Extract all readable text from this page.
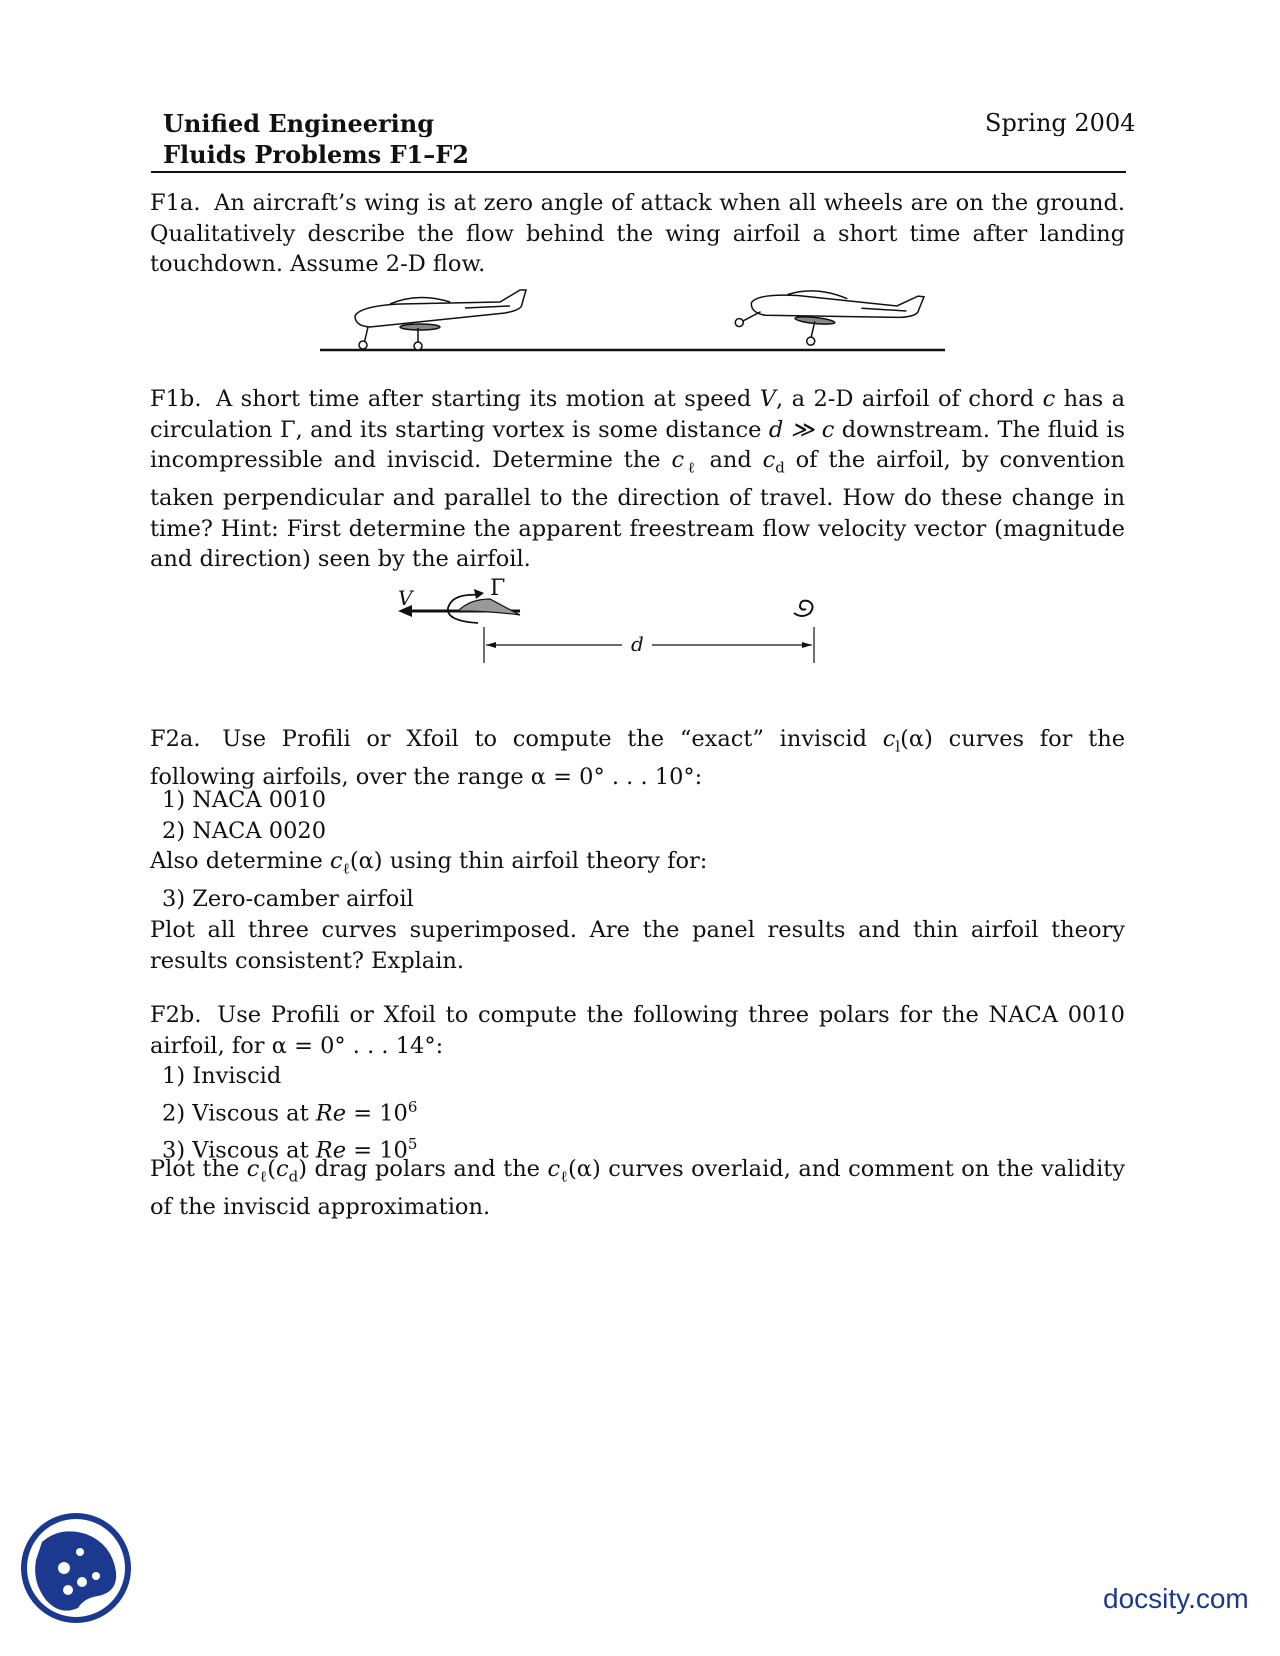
Unified Engineering
Fluids Problems F1–F2
Spring 2004
F1a. An aircraft’s wing is at zero angle of attack when all wheels are on the ground. Qualitatively describe the flow behind the wing airfoil a short time after landing touchdown. Assume 2-D flow.
F1b. A short time after starting its motion at speed V, a 2-D airfoil of chord c has a circulation Γ, and its starting vortex is some distance d ≫ c downstream. The fluid is incompressible and inviscid. Determine the $c_\ell$ and $c_d$ of the airfoil, by convention taken perpendicular and parallel to the direction of travel. How do these change in time? Hint: First determine the apparent freestream flow velocity vector (magnitude and direction) seen by the airfoil.
V	Γ
d
F2a. Use Profili or Xfoil to compute the “exact” inviscid $c_l(\alpha)$ curves for the following airfoils, over the range α = 0° . . . 10°:
1) NACA 0010
2) NACA 0020
Also determine $c_\ell(\alpha)$ using thin airfoil theory for:
3) Zero-camber airfoil
Plot all three curves superimposed. Are the panel results and thin airfoil theory results consistent? Explain.
F2b. Use Profili or Xfoil to compute the following three polars for the NACA 0010 airfoil, for α = 0° . . . 14°:
1) Inviscid
2) Viscous at $Re = 10^6$
3) Viscous at $Re = 10^5$
Plot the $c_\ell(c_d)$ drag polars and the $c_\ell(\alpha)$ curves overlaid, and comment on the validity of the inviscid approximation.
docsity.com
